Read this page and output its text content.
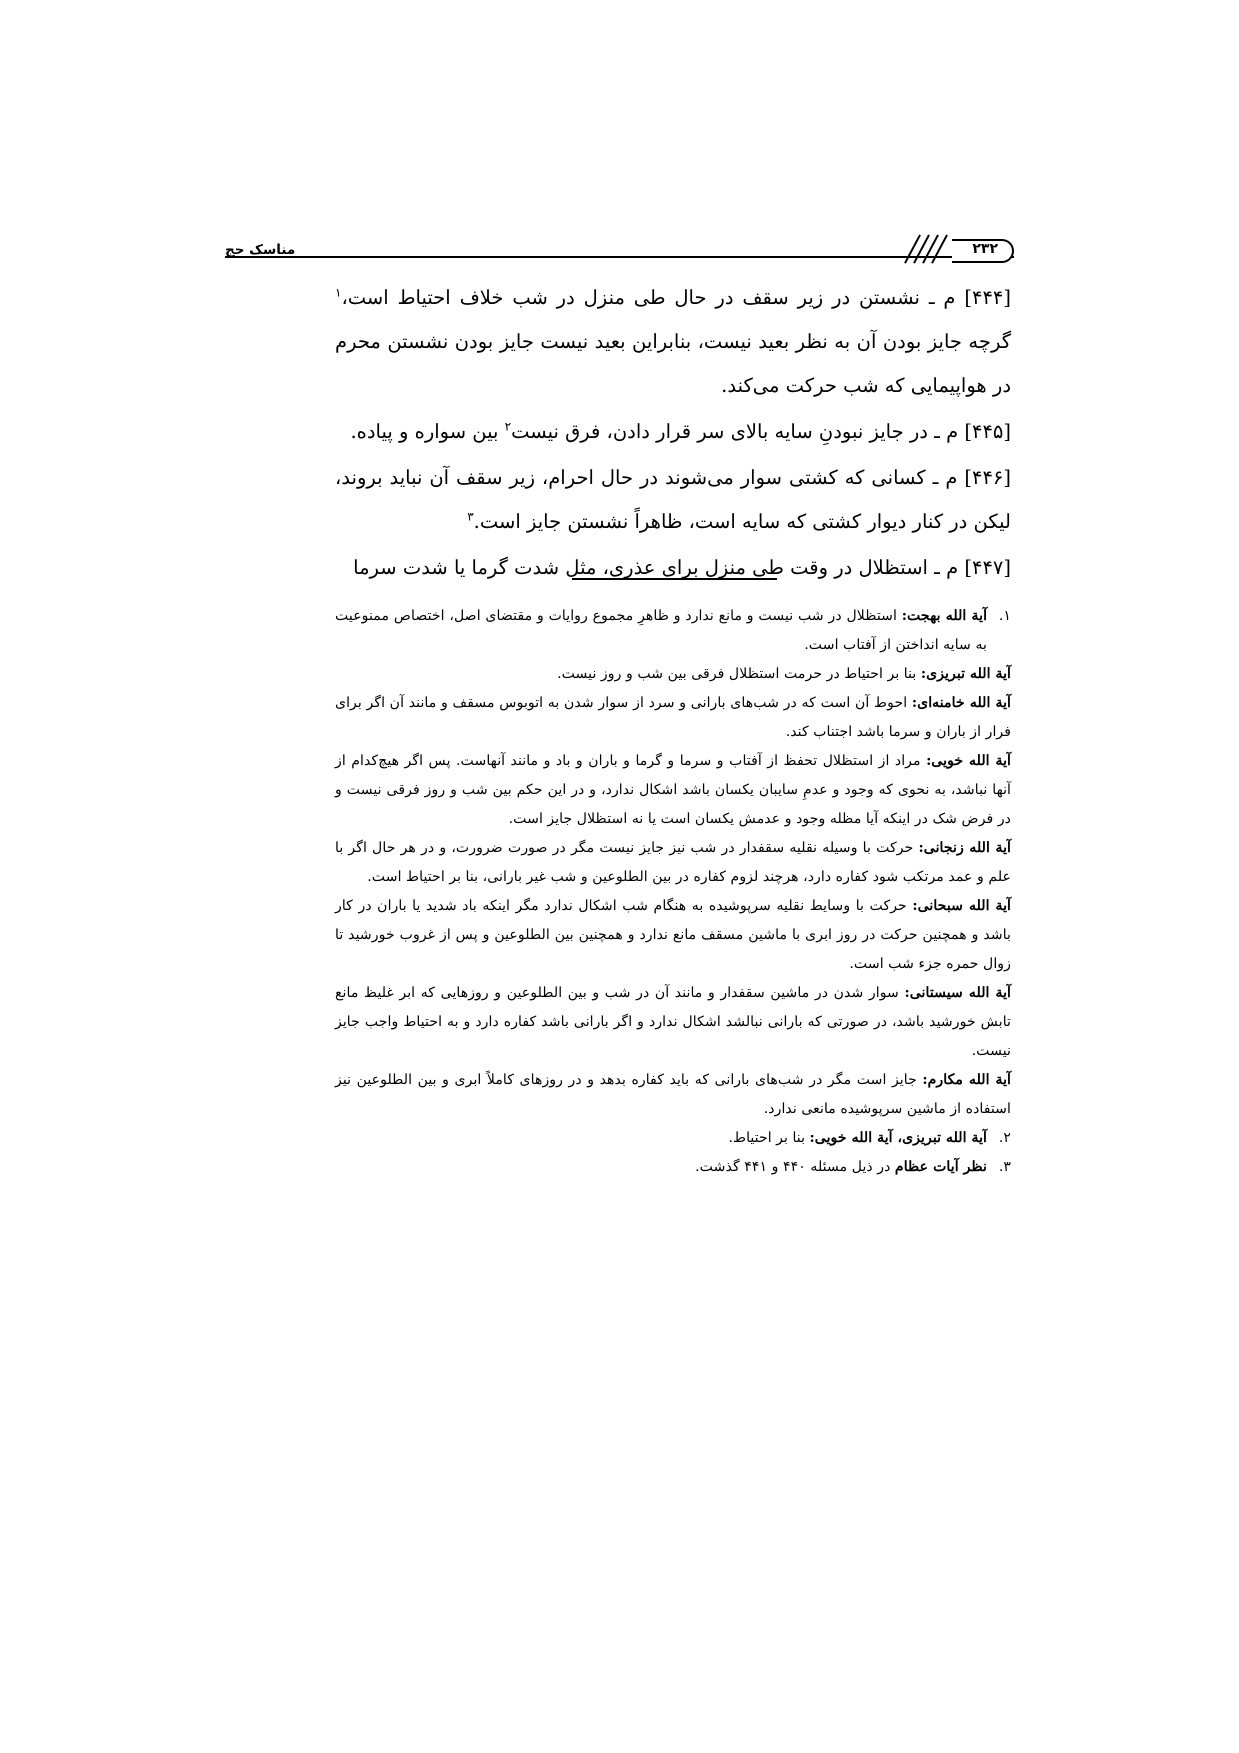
مناسک حج	۲۳۲

[۴۴۴] م ـ نشستن در زیر سقف در حال طی منزل در شب خلاف احتیاط است،$^۱$ گرچه جایز بودن آن به نظر بعید نیست، بنابراین بعید نیست جایز بودن نشستن محرم در هواپیمایی که شب حرکت می‌کند.

[۴۴۵] م ـ در جایز نبودنِ سایه بالای سر قرار دادن، فرق نیست$^۲$ بین سواره و پیاده.

[۴۴۶] م ـ کسانی که کشتی سوار می‌شوند در حال احرام، زیر سقف آن نباید بروند، لیکن در کنار دیوار کشتی که سایه است، ظاهراً نشستن جایز است.$^۳$

[۴۴۷] م ـ استظلال در وقت طی منزل برای عذری، مثل شدت گرما یا شدت سرما

۱.
آیة الله بهجت: استظلال در شب نیست و مانع ندارد و ظاهرِ مجموع روایات و مقتضای اصل، اختصاص ممنوعیت به سایه انداختن از آفتاب است.
آیة الله تبریزی: بنا بر احتیاط در حرمت استظلال فرقی بین شب و روز نیست.
آیة الله خامنه‌ای: احوط آن است که در شب‌های بارانی و سرد از سوار شدن به اتوبوس مسقف و مانند آن اگر برای فرار از باران و سرما باشد اجتناب کند.
آیة الله خویی: مراد از استظلال تحفظ از آفتاب و سرما و گرما و باران و باد و مانند آنهاست. پس اگر هیچ‌کدام از آنها نباشد، به نحوی که وجود و عدمِ سایبان یکسان باشد اشکال ندارد، و در این حکم بین شب و روز فرقی نیست و در فرض شک در اینکه آیا مظله وجود و عدمش یکسان است یا نه استظلال جایز است.
آیة الله زنجانی: حرکت با وسیله نقلیه سقفدار در شب نیز جایز نیست مگر در صورت ضرورت، و در هر حال اگر با علم و عمد مرتکب شود کفاره دارد، هرچند لزوم کفاره در بین الطلوعین و شب غیر بارانی، بنا بر احتیاط است.
آیة الله سبحانی: حرکت با وسایط نقلیه سرپوشیده به هنگام شب اشکال ندارد مگر اینکه باد شدید یا باران در کار باشد و همچنین حرکت در روز ابری با ماشین مسقف مانع ندارد و همچنین بین الطلوعین و پس از غروب خورشید تا زوال حمره جزء شب است.
آیة الله سیستانی: سوار شدن در ماشین سقفدار و مانند آن در شب و بین الطلوعین و روزهایی که ابر غلیظ مانع تابش خورشید باشد، در صورتی که بارانی نبالشد اشکال ندارد و اگر بارانی باشد کفاره دارد و به احتیاط واجب جایز نیست.
آیة الله مکارم: جایز است مگر در شب‌های بارانی که باید کفاره بدهد و در روزهای کاملاً ابری و بین الطلوعین نیز استفاده از ماشین سرپوشیده مانعی ندارد.
۲.
آیة الله تبریزی، آیة الله خویی: بنا بر احتیاط.
۳.
نظر آیات عظام در ذیل مسئله ۴۴۰ و ۴۴۱ گذشت.
